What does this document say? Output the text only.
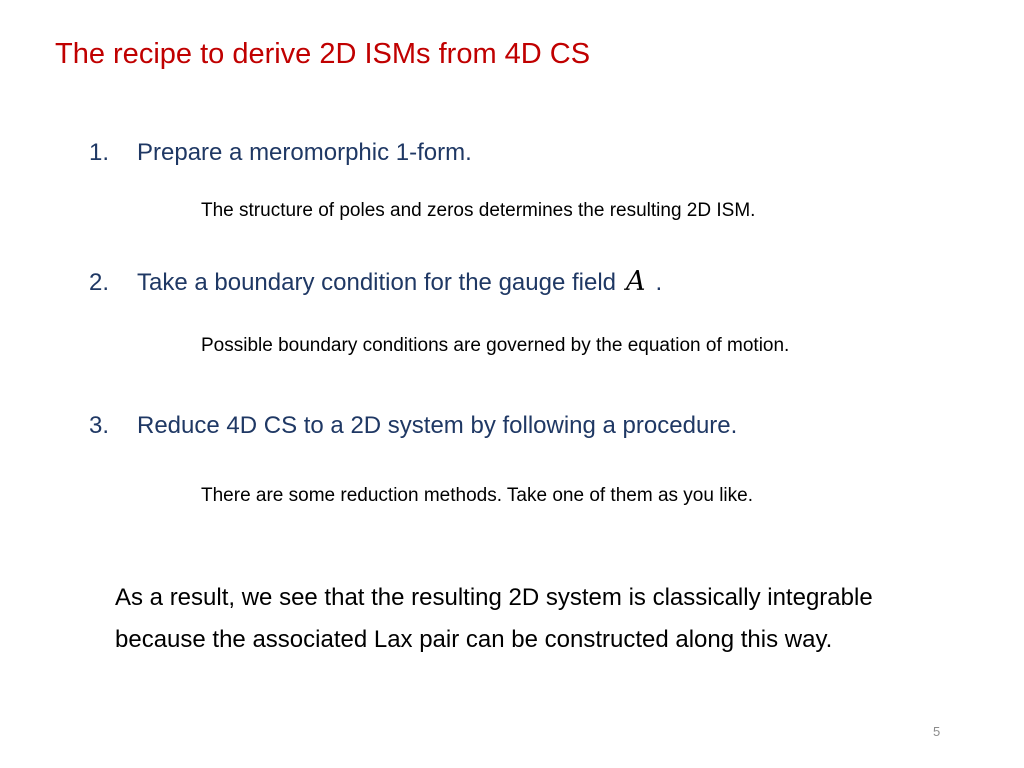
The recipe to derive 2D ISMs from 4D CS
1. Prepare a meromorphic 1-form.
The structure of poles and zeros determines the resulting 2D ISM.
2. Take a boundary condition for the gauge field A .
Possible boundary conditions are governed by the equation of motion.
3. Reduce 4D CS to a 2D system by following a procedure.
There are some reduction methods. Take one of them as you like.
As a result, we see that the resulting 2D system is classically integrable
because the associated Lax pair can be constructed along this way.
5
